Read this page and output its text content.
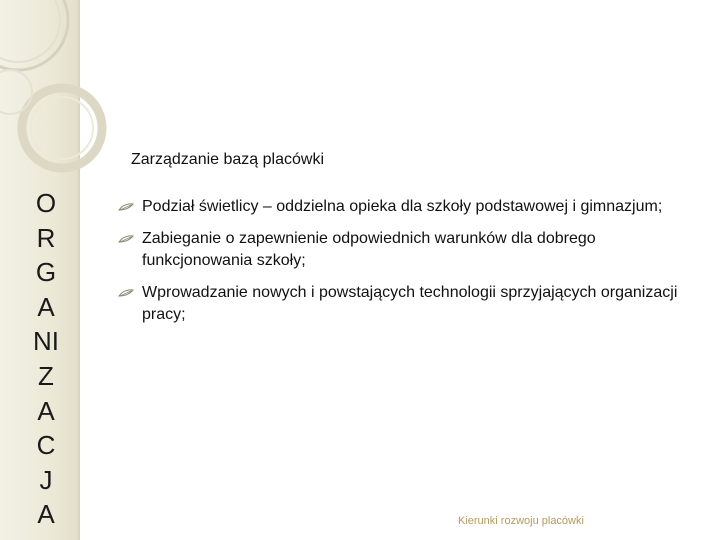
O
R
G
A
NI
Z
A
C
J
A
Zarządzanie bazą placówki
Podział świetlicy – oddzielna opieka dla szkoły podstawowej i gimnazjum;
Zabieganie o zapewnienie odpowiednich warunków dla dobrego funkcjonowania szkoły;
Wprowadzanie nowych i powstających technologii sprzyjających organizacji pracy;
Kierunki rozwoju placówki
